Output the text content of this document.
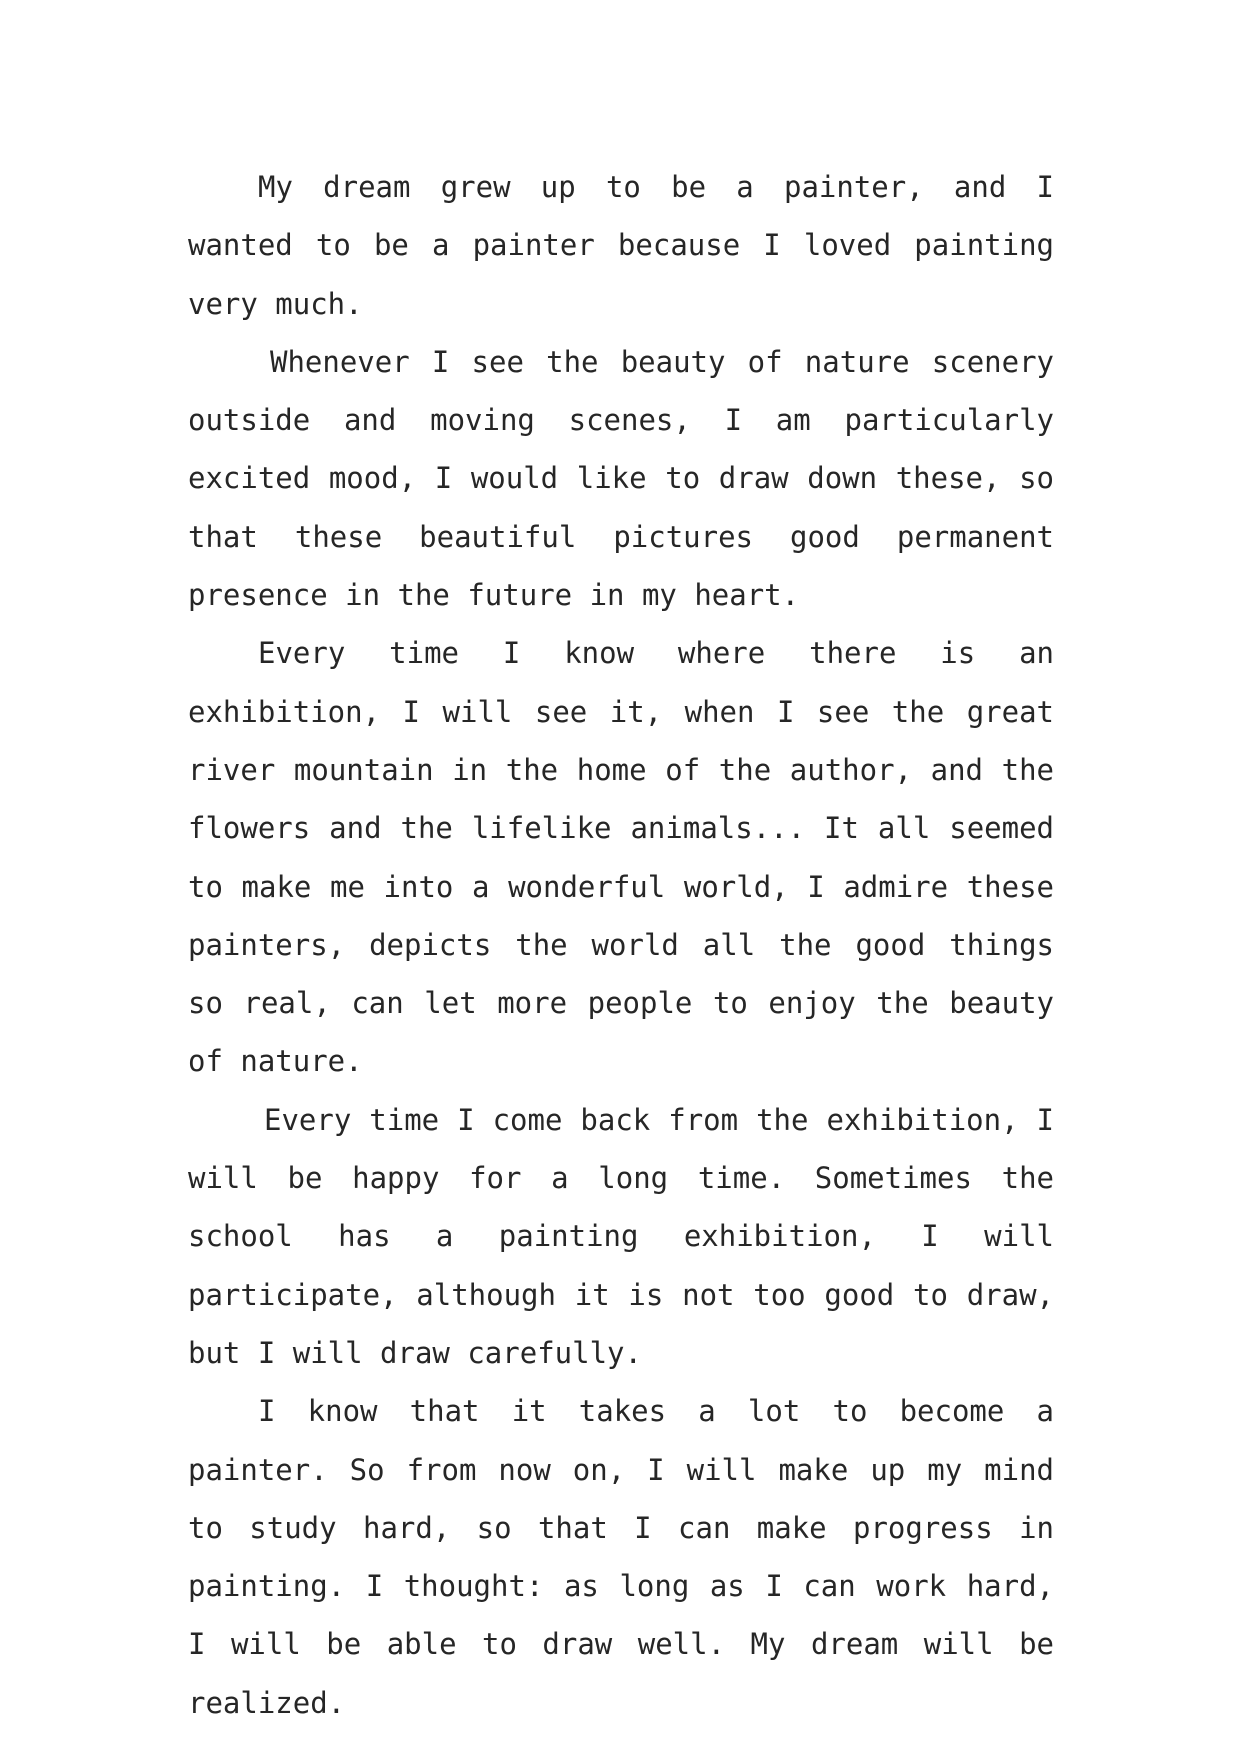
My dream grew up to be a painter, and I wanted to be a painter because I loved painting very much.

Whenever I see the beauty of nature scenery outside and moving scenes, I am particularly excited mood, I would like to draw down these, so that these beautiful pictures good permanent presence in the future in my heart.

Every time I know where there is an exhibition, I will see it, when I see the great river mountain in the home of the author, and the flowers and the lifelike animals... It all seemed to make me into a wonderful world, I admire these painters, depicts the world all the good things so real, can let more people to enjoy the beauty of nature.

Every time I come back from the exhibition, I will be happy for a long time. Sometimes the school has a painting exhibition, I will participate, although it is not too good to draw, but I will draw carefully.

I know that it takes a lot to become a painter. So from now on, I will make up my mind to study hard, so that I can make progress in painting. I thought: as long as I can work hard, I will be able to draw well. My dream will be realized.
